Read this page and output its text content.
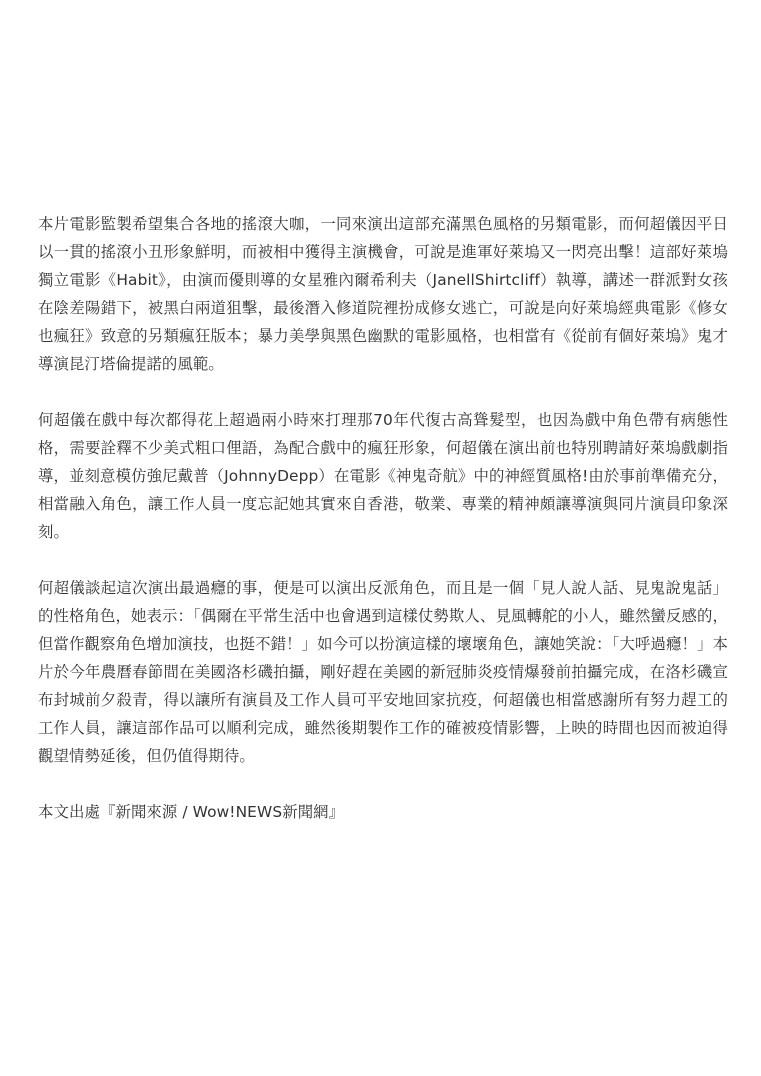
本片電影監製希望集合各地的搖滾大咖，一同來演出這部充滿黑色風格的另類電影，而何超儀因平日以一貫的搖滾小丑形象鮮明，而被相中獲得主演機會，可說是進軍好萊塢又一閃亮出擊！這部好萊塢獨立電影《Habit》，由演而優則導的女星雅內爾希利夫（JanellShirtcliff）執導，講述一群派對女孩在陰差陽錯下，被黑白兩道狙擊，最後潛入修道院裡扮成修女逃亡，可說是向好萊塢經典電影《修女也瘋狂》致意的另類瘋狂版本；暴力美學與黑色幽默的電影風格，也相當有《從前有個好萊塢》鬼才導演昆汀塔倫提諾的風範。

何超儀在戲中每次都得花上超過兩小時來打理那70年代復古高聳髮型，也因為戲中角色帶有病態性格，需要詮釋不少美式粗口俚語，為配合戲中的瘋狂形象，何超儀在演出前也特別聘請好萊塢戲劇指導，並刻意模仿強尼戴普（JohnnyDepp）在電影《神鬼奇航》中的神經質風格!由於事前準備充分，相當融入角色，讓工作人員一度忘記她其實來自香港，敬業、專業的精神頗讓導演與同片演員印象深刻。

何超儀談起這次演出最過癮的事，便是可以演出反派角色，而且是一個「見人說人話、見鬼說鬼話」的性格角色，她表示：「偶爾在平常生活中也會遇到這樣仗勢欺人、見風轉舵的小人，雖然蠻反感的，但當作觀察角色增加演技，也挺不錯！」如今可以扮演這樣的壞壞角色，讓她笑說：「大呼過癮！」本片於今年農曆春節間在美國洛杉磯拍攝，剛好趕在美國的新冠肺炎疫情爆發前拍攝完成，在洛杉磯宣布封城前夕殺青，得以讓所有演員及工作人員可平安地回家抗疫，何超儀也相當感謝所有努力趕工的工作人員，讓這部作品可以順利完成，雖然後期製作工作的確被疫情影響，上映的時間也因而被迫得觀望情勢延後，但仍值得期待。

本文出處『新聞來源 / Wow!NEWS新聞網』
